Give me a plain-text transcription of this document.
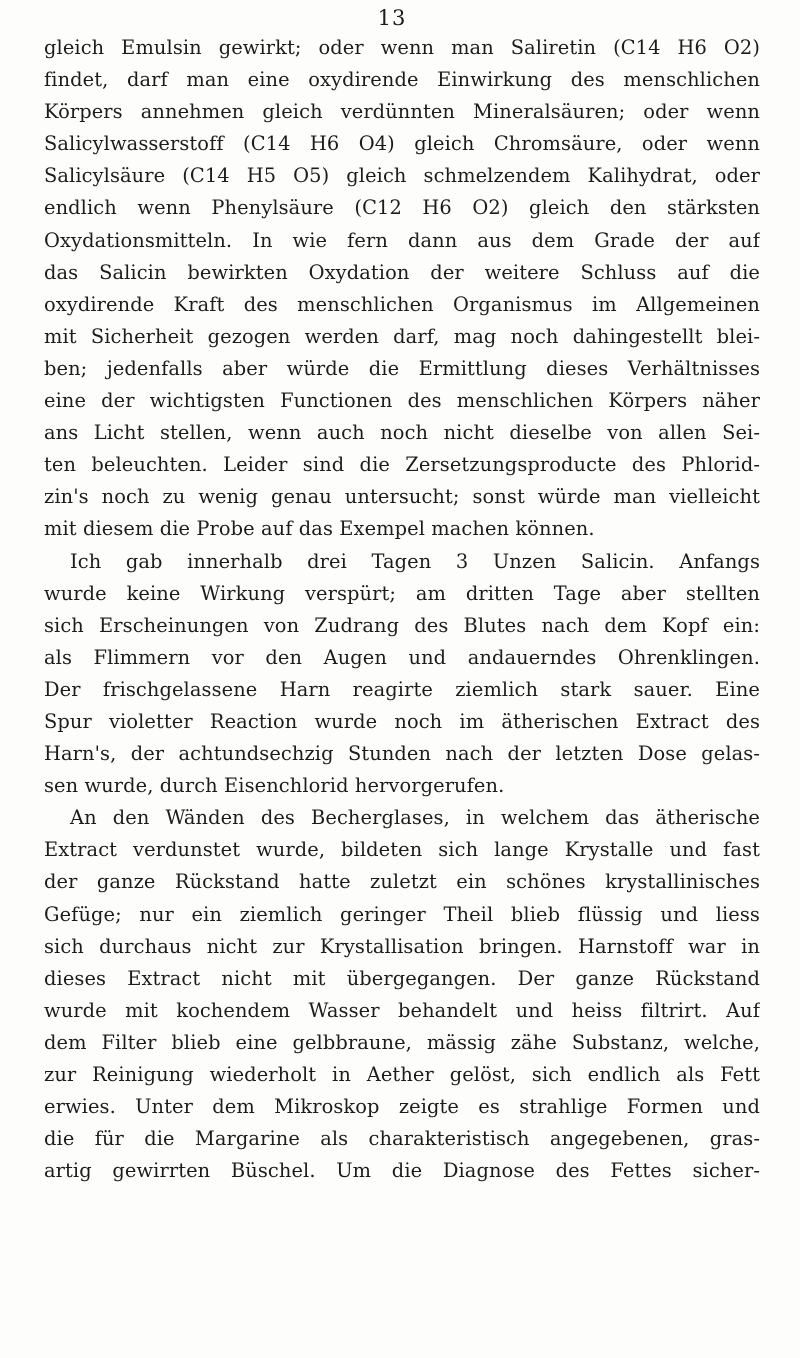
13
gleich Emulsin gewirkt; oder wenn man Saliretin (C14 H6 O2)
findet, darf man eine oxydirende Einwirkung des menschlichen
Körpers annehmen gleich verdünnten Mineralsäuren; oder wenn
Salicylwasserstoff (C14 H6 O4) gleich Chromsäure, oder wenn
Salicylsäure (C14 H5 O5) gleich schmelzendem Kalihydrat, oder
endlich wenn Phenylsäure (C12 H6 O2) gleich den stärksten
Oxydationsmitteln. In wie fern dann aus dem Grade der auf
das Salicin bewirkten Oxydation der weitere Schluss auf die
oxydirende Kraft des menschlichen Organismus im Allgemeinen
mit Sicherheit gezogen werden darf, mag noch dahingestellt blei-
ben; jedenfalls aber würde die Ermittlung dieses Verhältnisses
eine der wichtigsten Functionen des menschlichen Körpers näher
ans Licht stellen, wenn auch noch nicht dieselbe von allen Sei-
ten beleuchten. Leider sind die Zersetzungsproducte des Phlorid-
zin's noch zu wenig genau untersucht; sonst würde man vielleicht
mit diesem die Probe auf das Exempel machen können.
Ich gab innerhalb drei Tagen 3 Unzen Salicin. Anfangs
wurde keine Wirkung verspürt; am dritten Tage aber stellten
sich Erscheinungen von Zudrang des Blutes nach dem Kopf ein:
als Flimmern vor den Augen und andauerndes Ohrenklingen.
Der frischgelassene Harn reagirte ziemlich stark sauer. Eine
Spur violetter Reaction wurde noch im ätherischen Extract des
Harn's, der achtundsechzig Stunden nach der letzten Dose gelas-
sen wurde, durch Eisenchlorid hervorgerufen.
An den Wänden des Becherglases, in welchem das ätherische
Extract verdunstet wurde, bildeten sich lange Krystalle und fast
der ganze Rückstand hatte zuletzt ein schönes krystallinisches
Gefüge; nur ein ziemlich geringer Theil blieb flüssig und liess
sich durchaus nicht zur Krystallisation bringen. Harnstoff war in
dieses Extract nicht mit übergegangen. Der ganze Rückstand
wurde mit kochendem Wasser behandelt und heiss filtrirt. Auf
dem Filter blieb eine gelbbraune, mässig zähe Substanz, welche,
zur Reinigung wiederholt in Aether gelöst, sich endlich als Fett
erwies. Unter dem Mikroskop zeigte es strahlige Formen und
die für die Margarine als charakteristisch angegebenen, gras-
artig gewirrten Büschel. Um die Diagnose des Fettes sicher-
